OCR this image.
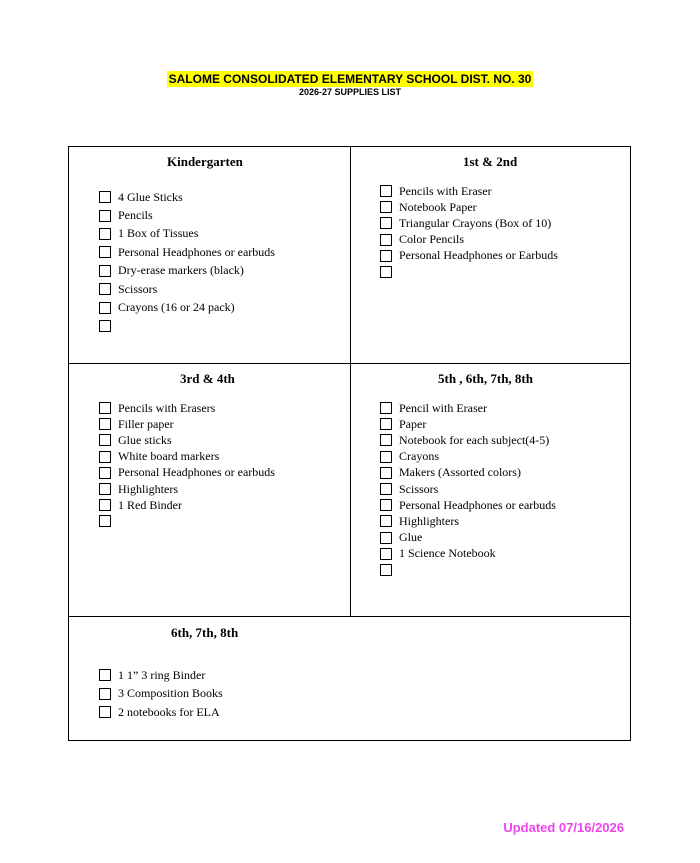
SALOME CONSOLIDATED ELEMENTARY SCHOOL DIST. NO. 30
2026-27 SUPPLIES LIST
Kindergarten
4 Glue Sticks
Pencils
1 Box of Tissues
Personal Headphones or earbuds
Dry-erase markers (black)
Scissors
Crayons (16 or 24 pack)
1st & 2nd
Pencils with Eraser
Notebook Paper
Triangular Crayons (Box of 10)
Color Pencils
Personal Headphones or Earbuds
3rd & 4th
Pencils with Erasers
Filler paper
Glue sticks
White board markers
Personal Headphones or earbuds
Highlighters
1 Red Binder
5th , 6th, 7th, 8th
Pencil with Eraser
Paper
Notebook for each subject(4-5)
Crayons
Makers (Assorted colors)
Scissors
Personal Headphones or earbuds
Highlighters
Glue
1 Science Notebook
6th, 7th, 8th
1 1” 3 ring Binder
3 Composition Books
2 notebooks for ELA
Updated 07/16/2026
